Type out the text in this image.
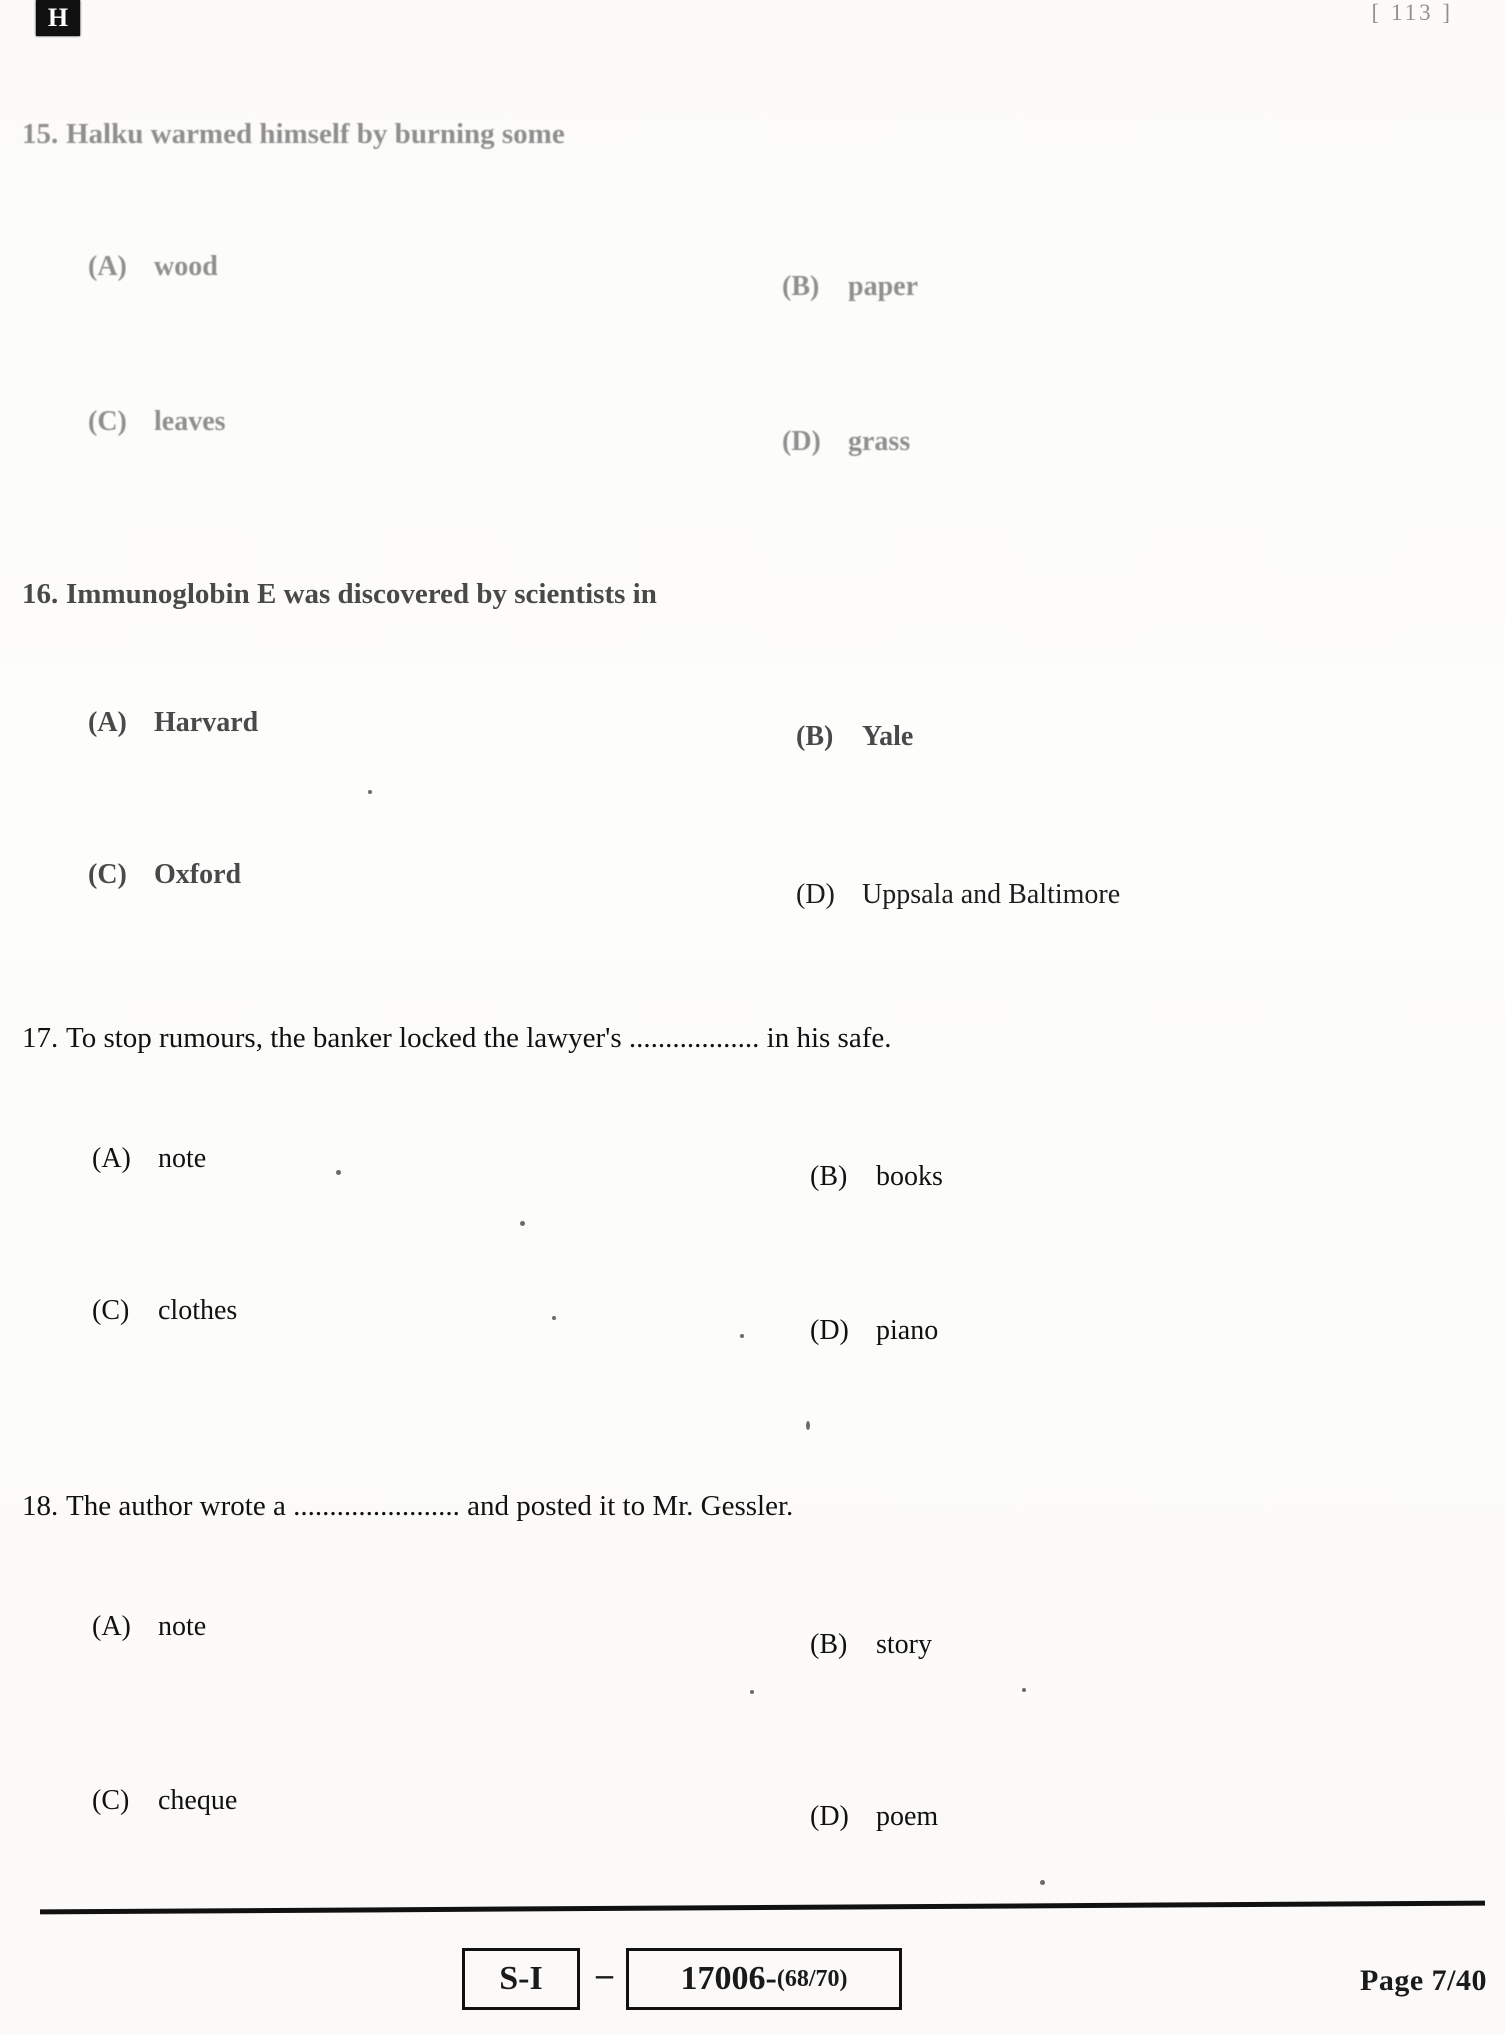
H	[ 113 ]
15. Halku warmed himself by burning some
(A) wood
(B)	paper
(C) leaves
(D) grass
16. Immunoglobin E was discovered by scientists in
(A) Harvard	(B)	Yale
(C) Oxford
(D) Uppsala and Baltimore
17. To stop rumours, the banker locked the lawyer's .................. in his safe.
(A) note
(B)	books
(C)	clothes
(D) piano
18. The author wrote a ....................... and posted it to Mr. Gessler.
(A) note
(B)	story
(C)	cheque
(D) poem
S-I	– 17006- (68/70)	Page 7/40
